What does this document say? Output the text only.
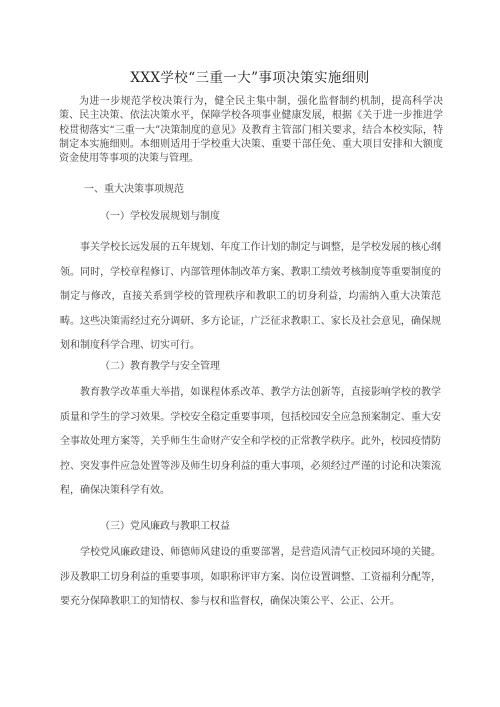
XXX学校“三重一大”事项决策实施细则
为进一步规范学校决策行为，健全民主集中制，强化监督制约机制，提高科学决策、民主决策、依法决策水平，保障学校各项事业健康发展，根据《关于进一步推进学校贯彻落实“三重一大”决策制度的意见》及教育主管部门相关要求，结合本校实际，特制定本实施细则。本细则适用于学校重大决策、重要干部任免、重大项目安排和大额度资金使用等事项的决策与管理。
一、重大决策事项规范
（一）学校发展规划与制度
事关学校长远发展的五年规划、年度工作计划的制定与调整，是学校发展的核心纲领。同时，学校章程修订、内部管理体制改革方案、教职工绩效考核制度等重要制度的制定与修改，直接关系到学校的管理秩序和教职工的切身利益，均需纳入重大决策范畴。这些决策需经过充分调研、多方论证，广泛征求教职工、家长及社会意见，确保规划和制度科学合理、切实可行。
（二）教育教学与安全管理
教育教学改革重大举措，如课程体系改革、教学方法创新等，直接影响学校的教学质量和学生的学习效果。学校安全稳定重要事项，包括校园安全应急预案制定、重大安全事故处理方案等，关乎师生生命财产安全和学校的正常教学秩序。此外，校园疫情防控、突发事件应急处置等涉及师生切身利益的重大事项，必须经过严谨的讨论和决策流程，确保决策科学有效。
（三）党风廉政与教职工权益
学校党风廉政建设、师德师风建设的重要部署，是营造风清气正校园环境的关键。涉及教职工切身利益的重要事项，如职称评审方案、岗位设置调整、工资福利分配等，要充分保障教职工的知情权、参与权和监督权，确保决策公平、公正、公开。
